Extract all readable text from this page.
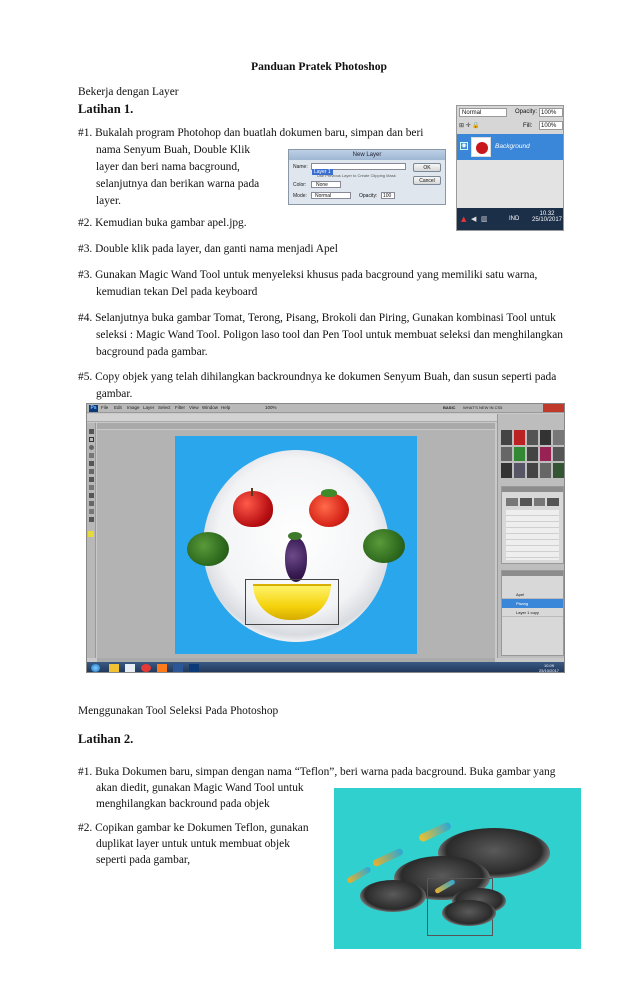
Panduan Pratek Photoshop
Bekerja dengan Layer
Latihan 1.
#1. Bukalah program Photohop dan buatlah dokumen baru, simpan dan beri
nama Senyum Buah, Double Klik
layer dan beri nama bacground,
selanjutnya dan berikan warna pada
layer.
New Layer
Name:
Layer 1
Use Previous Layer to Create Clipping Mask
Color:	None
Mode:	Normal	Opacity:	100
OK
Cancel
Normal	Opacity: 100%
⊞ ✛ 🔒	Fill:	100%
◉	Background
▲ ◀ ▥	IND
10.32
25/10/2017
#2. Kemudian buka gambar apel.jpg.
#3. Double klik pada layer, dan ganti nama menjadi Apel
#3. Gunakan Magic Wand Tool untuk menyeleksi khusus pada bacground yang memiliki satu warna,
kemudian tekan Del pada keyboard
#4. Selanjutnya buka gambar Tomat, Terong, Pisang, Brokoli dan Piring, Gunakan kombinasi Tool untuk
seleksi : Magic Wand Tool. Poligon laso tool dan Pen Tool untuk membuat seleksi dan menghilangkan
bacground pada gambar.
#5. Copy objek yang telah dihilangkan backroundnya ke dokumen Senyum Buah, dan susun seperti pada
gambar.
Ps File Edit Image Layer Select Filter View Window Help	100%	BASIC WHAT'S NEW IN CS5
Apel
Pisang
Layer 1 copy
10.09
25/10/2017
Menggunakan Tool Seleksi Pada Photoshop
Latihan 2.
#1. Buka Dokumen baru, simpan dengan nama “Teflon”, beri warna pada bacground. Buka gambar yang
akan diedit, gunakan Magic Wand Tool untuk
menghilangkan backround pada objek
#2. Copikan gambar ke Dokumen Teflon, gunakan
duplikat layer untuk untuk membuat objek
seperti pada gambar,
